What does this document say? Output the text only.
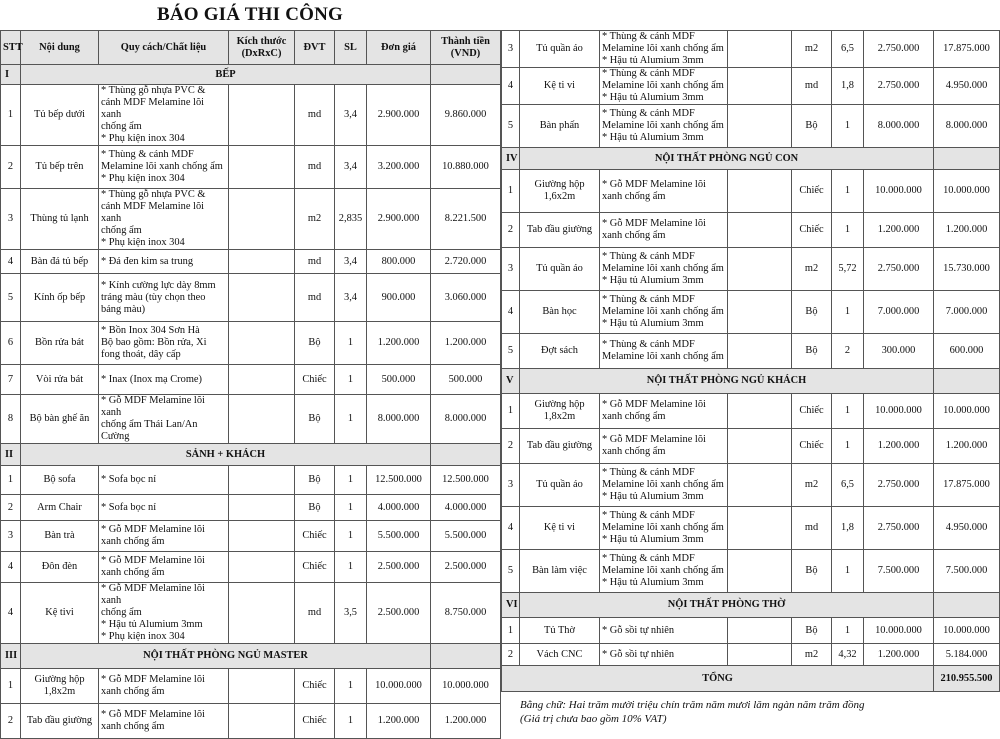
BÁO GIÁ THI CÔNG
STT	Nội dung	Quy cách/Chất liệu	Kích thước
(DxRxC)	ĐVT	SL	Đơn giá	Thành tiền
(VND)
I	BẾP						
1	Tủ bếp dưới	* Thùng gỗ nhựa PVC &
cánh MDF Melamine lõi xanh
chống ẩm
* Phụ kiện inox 304		md	3,4	2.900.000	9.860.000
2	Tủ bếp trên	* Thùng & cánh MDF
Melamine lõi xanh chống ẩm
* Phụ kiện inox 304		md	3,4	3.200.000	10.880.000
3	Thùng tủ lạnh	* Thùng gỗ nhựa PVC &
cánh MDF Melamine lõi xanh
chống ẩm
* Phụ kiện inox 304		m2	2,835	2.900.000	8.221.500
4	Bàn đá tủ bếp	* Đá đen kim sa trung		md	3,4	800.000	2.720.000
5	Kính ốp bếp	* Kính cường lực dày 8mm
tráng màu (tùy chọn theo
bảng màu)		md	3,4	900.000	3.060.000
6	Bồn rửa bát	* Bồn Inox 304 Sơn Hà
Bộ bao gồm: Bồn rửa, Xi
fong thoát, dây cấp		Bộ	1	1.200.000	1.200.000
7	Vòi rửa bát	* Inax (Inox mạ Crome)		Chiếc	1	500.000	500.000
8	Bộ bàn ghế ăn	* Gỗ MDF Melamine lõi xanh
chống ẩm Thái Lan/An
Cường		Bộ	1	8.000.000	8.000.000
II	SẢNH + KHÁCH						
1	Bộ sofa	* Sofa bọc nỉ		Bộ	1	12.500.000	12.500.000
2	Arm Chair	* Sofa bọc nỉ		Bộ	1	4.000.000	4.000.000
3	Bàn trà	* Gỗ MDF Melamine lõi
xanh chống ẩm		Chiếc	1	5.500.000	5.500.000
4	Đôn đèn	* Gỗ MDF Melamine lõi
xanh chống ẩm		Chiếc	1	2.500.000	2.500.000
4	Kệ tivi	* Gỗ MDF Melamine lõi xanh
chống ẩm
* Hậu tủ Alumium 3mm
* Phụ kiện inox 304		md	3,5	2.500.000	8.750.000
III	NỘI THẤT PHÒNG NGỦ MASTER						
1	Giường hộp
1,8x2m	* Gỗ MDF Melamine lõi
xanh chống ẩm		Chiếc	1	10.000.000	10.000.000
2	Tab đầu giường	* Gỗ MDF Melamine lõi
xanh chống ẩm		Chiếc	1	1.200.000	1.200.000
3	Tủ quần áo	* Thùng & cánh MDF
Melamine lõi xanh chống ẩm
* Hậu tủ Alumium 3mm		m2	6,5	2.750.000	17.875.000
4	Kệ ti vi	* Thùng & cánh MDF
Melamine lõi xanh chống ẩm
* Hậu tủ Alumium 3mm		md	1,8	2.750.000	4.950.000
5	Bàn phấn	* Thùng & cánh MDF
Melamine lõi xanh chống ẩm
* Hậu tủ Alumium 3mm		Bộ	1	8.000.000	8.000.000
IV	NỘI THẤT PHÒNG NGỦ CON						
1	Giường hộp
1,6x2m	* Gỗ MDF Melamine lõi
xanh chống ẩm		Chiếc	1	10.000.000	10.000.000
2	Tab đầu giường	* Gỗ MDF Melamine lõi
xanh chống ẩm		Chiếc	1	1.200.000	1.200.000
3	Tủ quần áo	* Thùng & cánh MDF
Melamine lõi xanh chống ẩm
* Hậu tủ Alumium 3mm		m2	5,72	2.750.000	15.730.000
4	Bàn học	* Thùng & cánh MDF
Melamine lõi xanh chống ẩm
* Hậu tủ Alumium 3mm		Bộ	1	7.000.000	7.000.000
5	Đợt sách	* Thùng & cánh MDF
Melamine lõi xanh chống ẩm		Bộ	2	300.000	600.000
V	NỘI THẤT PHÒNG NGỦ KHÁCH						
1	Giường hộp
1,8x2m	* Gỗ MDF Melamine lõi
xanh chống ẩm		Chiếc	1	10.000.000	10.000.000
2	Tab đầu giường	* Gỗ MDF Melamine lõi
xanh chống ẩm		Chiếc	1	1.200.000	1.200.000
3	Tủ quần áo	* Thùng & cánh MDF
Melamine lõi xanh chống ẩm
* Hậu tủ Alumium 3mm		m2	6,5	2.750.000	17.875.000
4	Kệ ti vi	* Thùng & cánh MDF
Melamine lõi xanh chống ẩm
* Hậu tủ Alumium 3mm		md	1,8	2.750.000	4.950.000
5	Bàn làm việc	* Thùng & cánh MDF
Melamine lõi xanh chống ẩm
* Hậu tủ Alumium 3mm		Bộ	1	7.500.000	7.500.000
VI	NỘI THẤT PHÒNG THỜ						
1	Tủ Thờ	* Gỗ sồi tự nhiên		Bộ	1	10.000.000	10.000.000
2	Vách CNC	* Gỗ sồi tự nhiên		m2	4,32	1.200.000	5.184.000
TỔNG							210.955.500
Bằng chữ: Hai trăm mười triệu chín trăm năm mươi lăm ngàn năm trăm đồng
(Giá trị chưa bao gồm 10% VAT)
